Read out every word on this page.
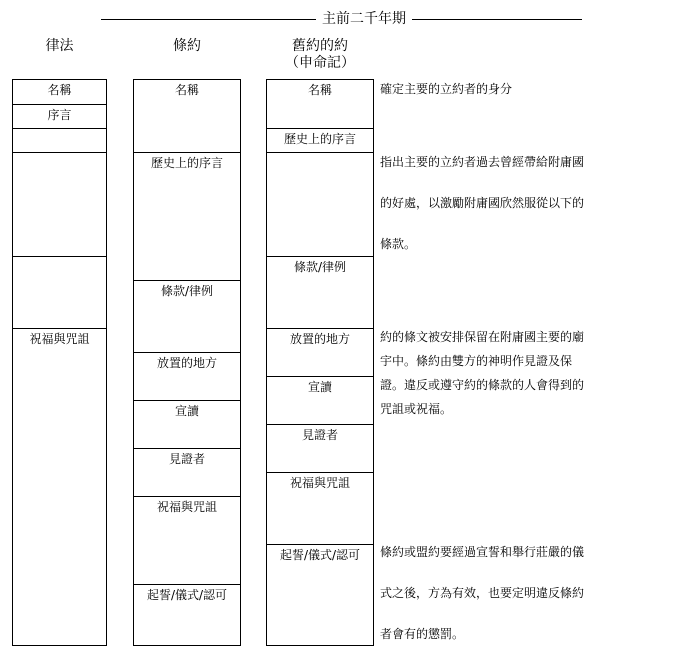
主前二千年期
律法	條約	舊約的約
（申命記）
名稱
序言
祝福與咒詛
名稱
歷史上的序言
條款/律例
放置的地方
宣讀
見證者
祝福與咒詛
起誓/儀式/認可
名稱
歷史上的序言
條款/律例
放置的地方
宣讀
見證者
祝福與咒詛
起誓/儀式/認可
確定主要的立約者的身分
指出主要的立約者過去曾經帶給附庸國的好處，以激勵附庸國欣然服從以下的條款。
約的條文被安排保留在附庸國主要的廟宇中。條約由雙方的神明作見證及保證。違反或遵守約的條款的人會得到的咒詛或祝福。
條約或盟約要經過宣誓和舉行莊嚴的儀式之後，方為有效，也要定明違反條約者會有的懲罰。
